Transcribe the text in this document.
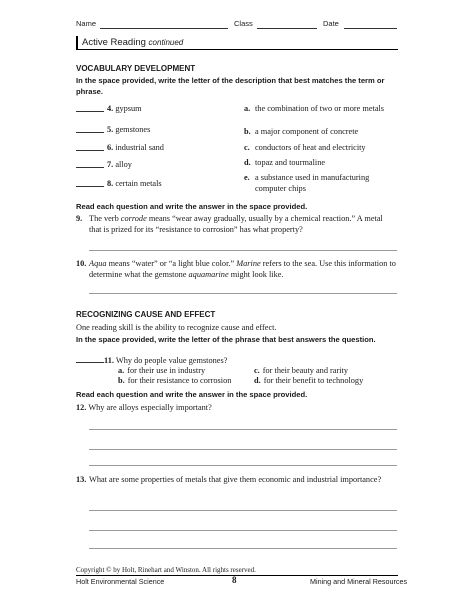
Name	Class	Date
Active Reading continued
VOCABULARY DEVELOPMENT
In the space provided, write the letter of the description that best matches the term or phrase.
4. gypsum
5. gemstones
6. industrial sand
7. alloy
8. certain metals
a. the combination of two or more metals
b. a major component of concrete
c. conductors of heat and electricity
d. topaz and tourmaline
e. a substance used in manufacturing computer chips
Read each question and write the answer in the space provided.
9. The verb corrode means “wear away gradually, usually by a chemical reaction.” A metal that is prized for its “resistance to corrosion” has what property?
10. Aqua means “water” or “a light blue color.” Marine refers to the sea. Use this information to determine what the gemstone aquamarine might look like.
RECOGNIZING CAUSE AND EFFECT
One reading skill is the ability to recognize cause and effect.
In the space provided, write the letter of the phrase that best answers the question.
11. Why do people value gemstones?
a. for their use in industry	c. for their beauty and rarity
b. for their resistance to corrosion	d. for their benefit to technology
Read each question and write the answer in the space provided.
12. Why are alloys especially important?
13. What are some properties of metals that give them economic and industrial importance?
Copyright © by Holt, Rinehart and Winston. All rights reserved.
Holt Environmental Science	8	Mining and Mineral Resources
